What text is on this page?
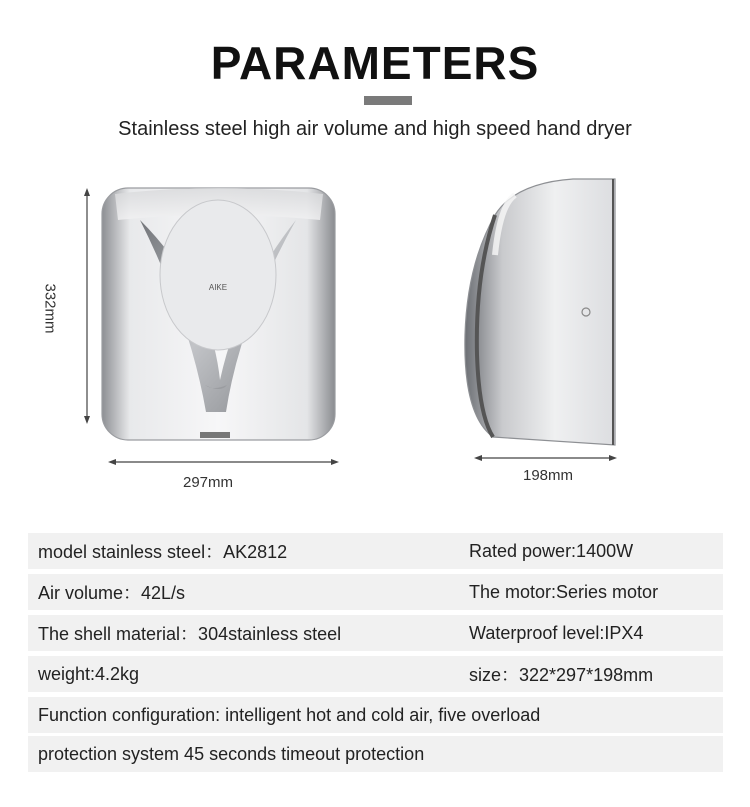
PARAMETERS
Stainless steel high air volume and high speed hand dryer
AIKE
332mm
297mm	198mm
model stainless steel：AK2812	Rated power:1400W
Air volume：42L/s	The motor:Series motor
The shell material：304stainless steel	Waterproof level:IPX4
weight:4.2kg	size：322*297*198mm
Function configuration: intelligent hot and cold air, five overload
protection system 45 seconds timeout protection
